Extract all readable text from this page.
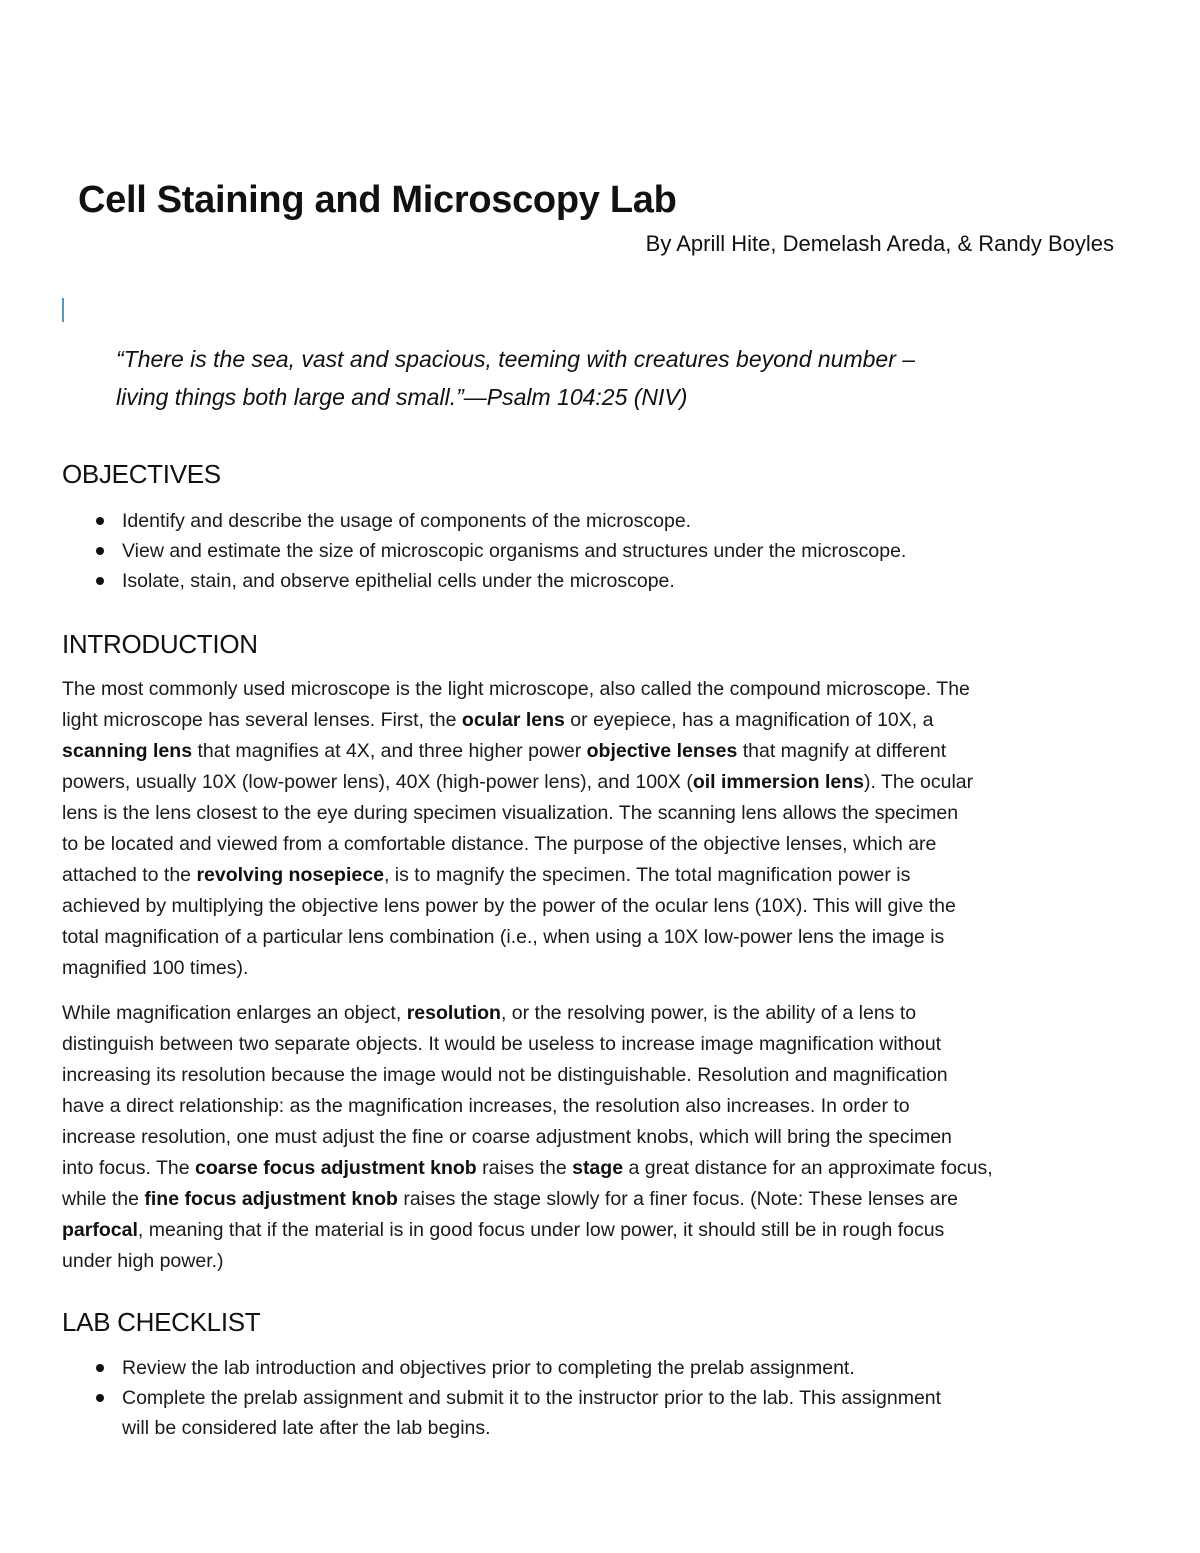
Cell Staining and Microscopy Lab

By Aprill Hite, Demelash Areda, & Randy Boyles

“There is the sea, vast and spacious, teeming with creatures beyond number –

living things both large and small.”—Psalm 104:25 (NIV)

OBJECTIVES
Identify and describe the usage of components of the microscope.
View and estimate the size of microscopic organisms and structures under the microscope.
Isolate, stain, and observe epithelial cells under the microscope.
INTRODUCTION

The most commonly used microscope is the light microscope, also called the compound microscope. The
light microscope has several lenses. First, the ocular lens or eyepiece, has a magnification of 10X, a
scanning lens that magnifies at 4X, and three higher power objective lenses that magnify at different
powers, usually 10X (low-power lens), 40X (high-power lens), and 100X (oil immersion lens). The ocular
lens is the lens closest to the eye during specimen visualization. The scanning lens allows the specimen
to be located and viewed from a comfortable distance. The purpose of the objective lenses, which are
attached to the revolving nosepiece, is to magnify the specimen. The total magnification power is
achieved by multiplying the objective lens power by the power of the ocular lens (10X). This will give the
total magnification of a particular lens combination (i.e., when using a 10X low-power lens the image is
magnified 100 times).

While magnification enlarges an object, resolution, or the resolving power, is the ability of a lens to
distinguish between two separate objects. It would be useless to increase image magnification without
increasing its resolution because the image would not be distinguishable. Resolution and magnification
have a direct relationship: as the magnification increases, the resolution also increases. In order to
increase resolution, one must adjust the fine or coarse adjustment knobs, which will bring the specimen
into focus. The coarse focus adjustment knob raises the stage a great distance for an approximate focus,
while the fine focus adjustment knob raises the stage slowly for a finer focus. (Note: These lenses are
parfocal, meaning that if the material is in good focus under low power, it should still be in rough focus
under high power.)

LAB CHECKLIST
Review the lab introduction and objectives prior to completing the prelab assignment.
Complete the prelab assignment and submit it to the instructor prior to the lab. This assignment
will be considered late after the lab begins.
